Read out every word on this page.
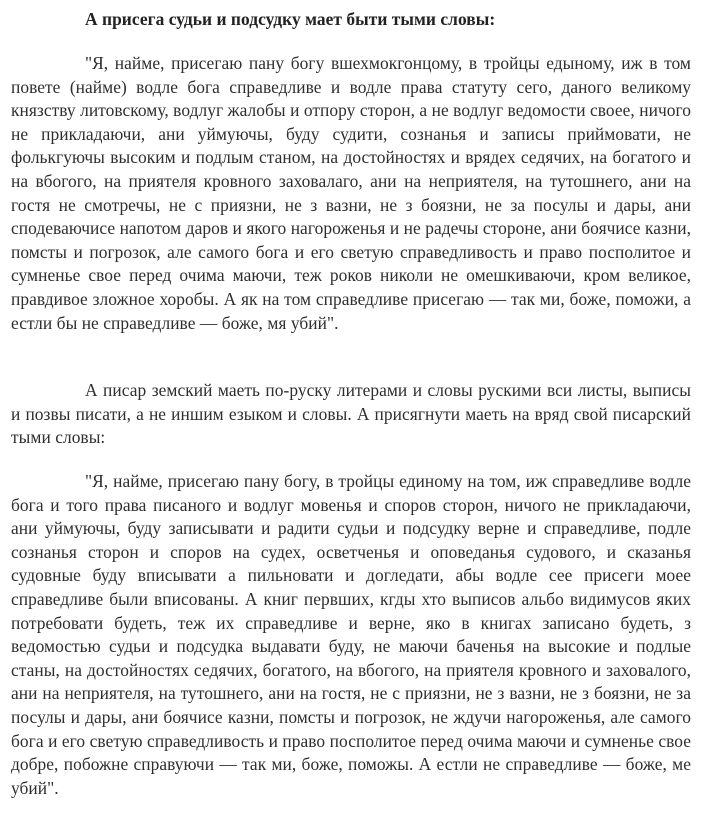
А присега судьи и подсудку мает быти тыми словы:

"Я, найме, присегаю пану богу вшехмокгонцому, в тройцы едыному, иж в том повете (найме) водле бога справедливе и водле права статуту сего, даного великому князству литовскому, водлуг жалобы и отпору сторон, а не водлуг ведомости своее, ничого не прикладаючи, ани уймуючы, буду судити, сознанья и записы приймовати, не фолькгуючы высоким и подлым станом, на достойностях и врядех седячих, на богатого и на вбогого, на приятеля кровного заховалаго, ани на неприятеля, на тутошнего, ани на гостя не смотречы, не с приязни, не з вазни, не з боязни, не за посулы и дары, ани сподеваючисе напотом даров и якого нагороженья и не радечы стороне, ани боячисе казни, помсты и погрозок, але самого бога и его светую справедливость и право посполитое и сумненье свое перед очима маючи, теж роков николи не омешкиваючи, кром великое, правдивое зложное хоробы. А як на том справедливе присегаю — так ми, боже, поможи, а естли бы не справедливе — боже, мя убий".

А писар земский маеть по-руску литерами и словы рускими вси листы, выписы и позвы писати, а не иншим езыком и словы. А присягнути маеть на вряд свой писарский тыми словы:

"Я, найме, присегаю пану богу, в тройцы единому на том, иж справедливе водле бога и того права писаного и водлуг мовенья и споров сторон, ничого не прикладаючи, ани уймуючы, буду записывати и радити судьи и подсудку верне и справедливе, подле сознанья сторон и споров на судех, осветченья и оповеданья судового, и сказанья судовные буду вписывати а пильновати и догледати, абы водле сее присеги моее справедливе были вписованы. А книг первших, кгды хто выписов альбо видимусов яких потребовати будеть, теж их справедливе и верне, яко в книгах записано будеть, з ведомостью судьи и подсудка выдавати буду, не маючи баченья на высокие и подлые станы, на достойностях седячих, богатого, на вбогого, на приятеля кровного и заховалого, ани на неприятеля, на тутошнего, ани на гостя, не с приязни, не з вазни, не з боязни, не за посулы и дары, ани боячисе казни, помсты и погрозок, не ждучи нагороженья, але самого бога и его светую справедливость и право посполитое перед очима маючи и сумненье свое добре, побожне справуючи — так ми, боже, поможы. А естли не справедливе — боже, ме убий".
